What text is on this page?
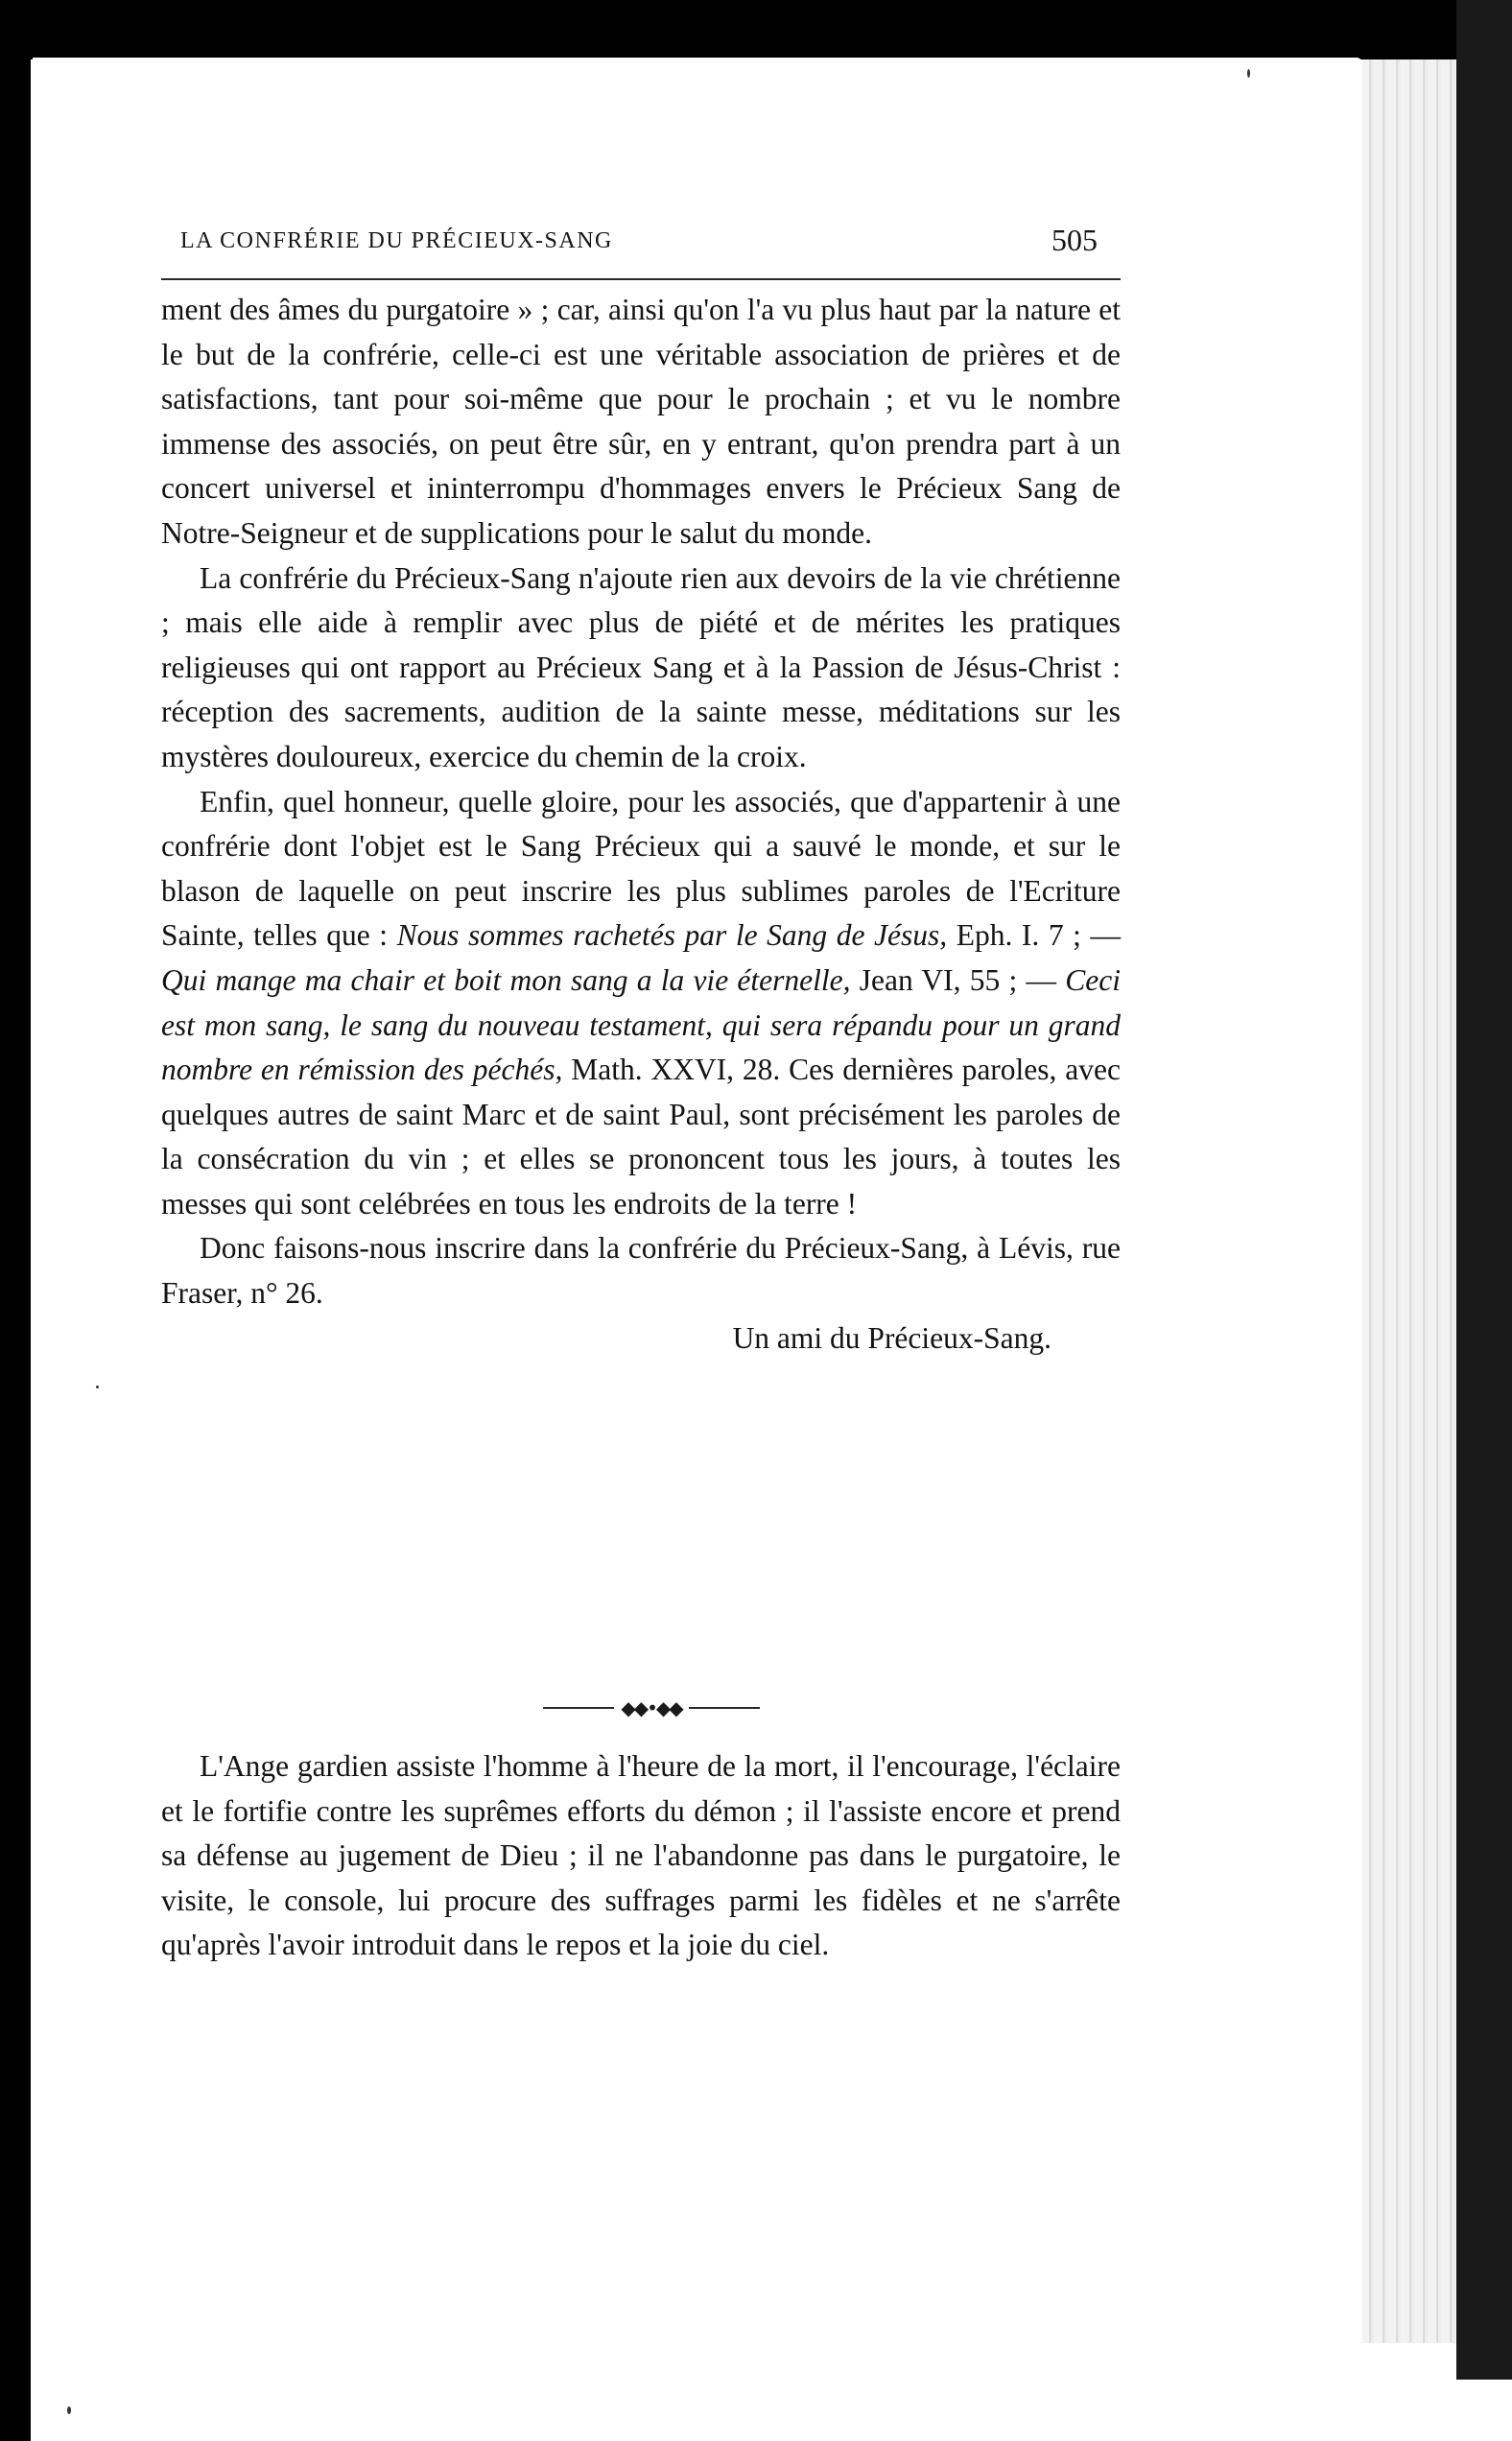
LA CONFRÉRIE DU PRÉCIEUX-SANG	505

ment des âmes du purgatoire » ; car, ainsi qu'on l'a vu plus haut par la nature et le but de la confrérie, celle-ci est une véritable association de prières et de satisfactions, tant pour soi-même que pour le prochain ; et vu le nombre immense des associés, on peut être sûr, en y entrant, qu'on prendra part à un concert universel et ininterrompu d'hommages envers le Précieux Sang de Notre-Seigneur et de supplications pour le salut du monde.

La confrérie du Précieux-Sang n'ajoute rien aux devoirs de la vie chrétienne ; mais elle aide à remplir avec plus de piété et de mérites les pratiques religieuses qui ont rapport au Précieux Sang et à la Passion de Jésus-Christ : réception des sacrements, audition de la sainte messe, méditations sur les mystères douloureux, exercice du chemin de la croix.

Enfin, quel honneur, quelle gloire, pour les associés, que d'appartenir à une confrérie dont l'objet est le Sang Précieux qui a sauvé le monde, et sur le blason de laquelle on peut inscrire les plus sublimes paroles de l'Ecriture Sainte, telles que : Nous sommes rachetés par le Sang de Jésus, Eph. I. 7 ; — Qui mange ma chair et boit mon sang a la vie éternelle, Jean VI, 55 ; — Ceci est mon sang, le sang du nouveau testament, qui sera répandu pour un grand nombre en rémission des péchés, Math. XXVI, 28. Ces dernières paroles, avec quelques autres de saint Marc et de saint Paul, sont précisément les paroles de la consécration du vin ; et elles se prononcent tous les jours, à toutes les messes qui sont celébrées en tous les endroits de la terre !

Donc faisons-nous inscrire dans la confrérie du Précieux-Sang, à Lévis, rue Fraser, n° 26.

Un ami du Précieux-Sang.

◆◆•◆◆

L'Ange gardien assiste l'homme à l'heure de la mort, il l'encourage, l'éclaire et le fortifie contre les suprêmes efforts du démon ; il l'assiste encore et prend sa défense au jugement de Dieu ; il ne l'abandonne pas dans le purgatoire, le visite, le console, lui procure des suffrages parmi les fidèles et ne s'arrête qu'après l'avoir introduit dans le repos et la joie du ciel.
